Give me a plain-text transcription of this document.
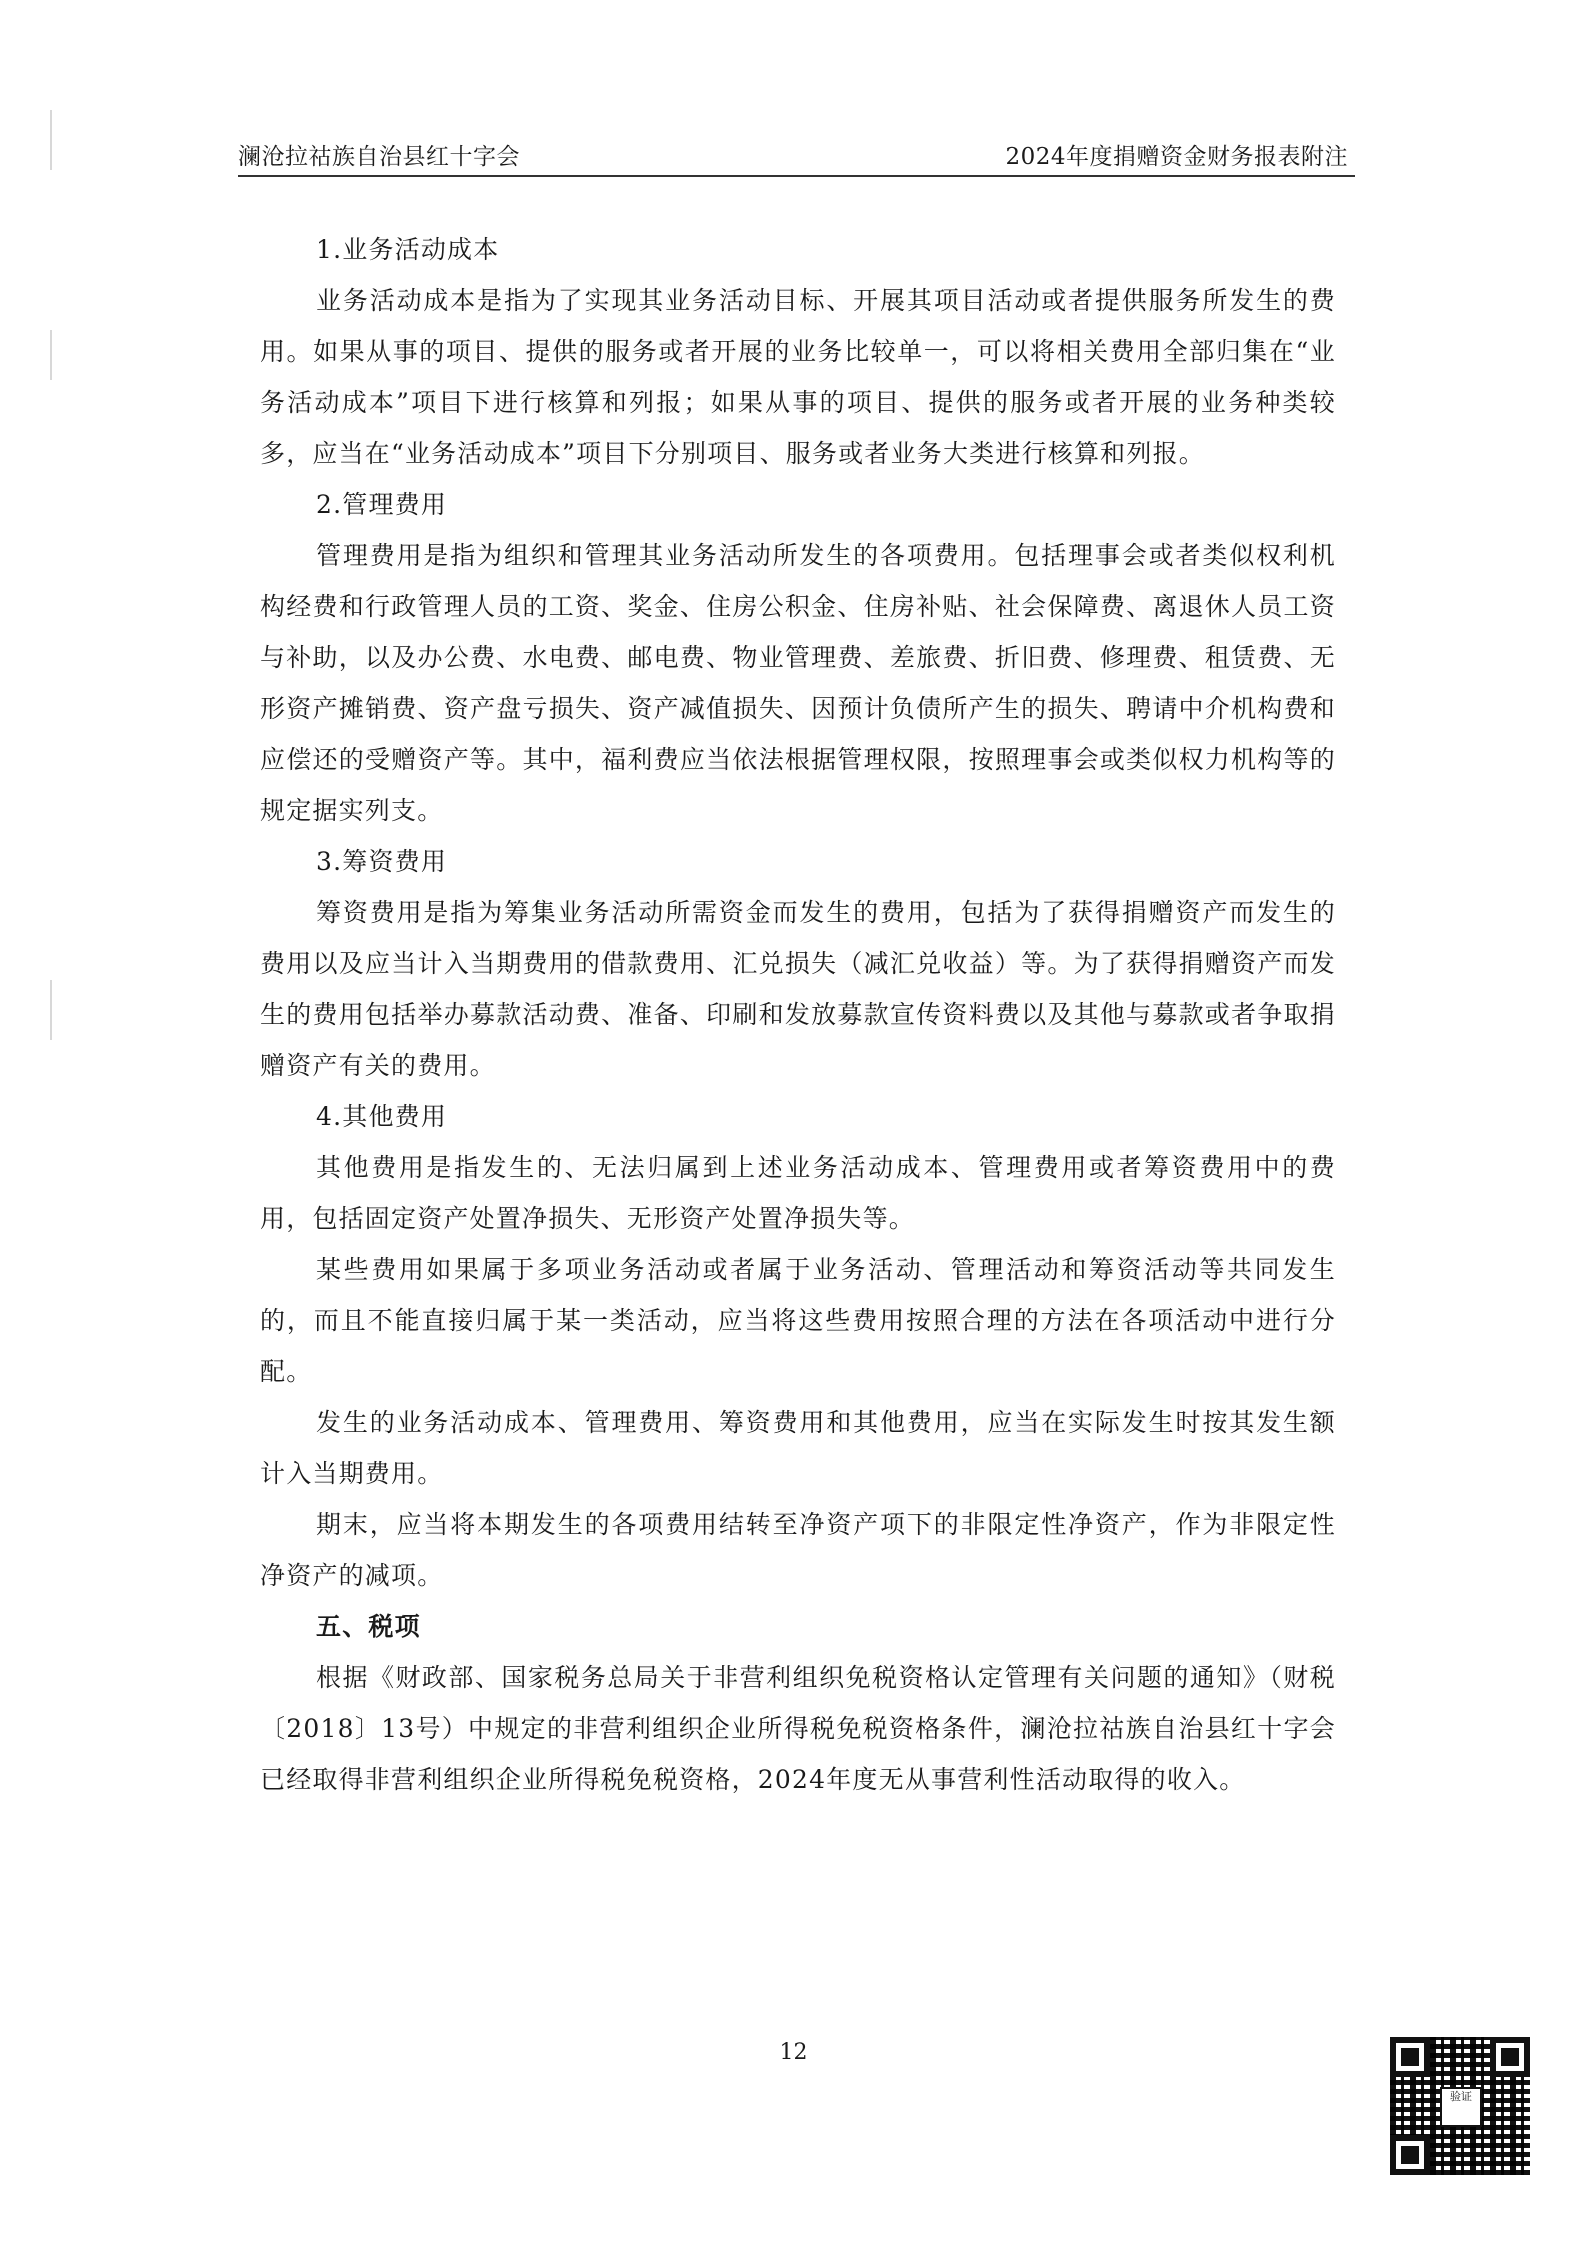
澜沧拉祜族自治县红十字会	2024年度捐赠资金财务报表附注

1.业务活动成本

业务活动成本是指为了实现其业务活动目标、开展其项目活动或者提供服务所发生的费用。如果从事的项目、提供的服务或者开展的业务比较单一，可以将相关费用全部归集在“业务活动成本”项目下进行核算和列报；如果从事的项目、提供的服务或者开展的业务种类较多，应当在“业务活动成本”项目下分别项目、服务或者业务大类进行核算和列报。

2.管理费用

管理费用是指为组织和管理其业务活动所发生的各项费用。包括理事会或者类似权利机构经费和行政管理人员的工资、奖金、住房公积金、住房补贴、社会保障费、离退休人员工资与补助，以及办公费、水电费、邮电费、物业管理费、差旅费、折旧费、修理费、租赁费、无形资产摊销费、资产盘亏损失、资产减值损失、因预计负债所产生的损失、聘请中介机构费和应偿还的受赠资产等。其中，福利费应当依法根据管理权限，按照理事会或类似权力机构等的规定据实列支。

3.筹资费用

筹资费用是指为筹集业务活动所需资金而发生的费用，包括为了获得捐赠资产而发生的费用以及应当计入当期费用的借款费用、汇兑损失（减汇兑收益）等。为了获得捐赠资产而发生的费用包括举办募款活动费、准备、印刷和发放募款宣传资料费以及其他与募款或者争取捐赠资产有关的费用。

4.其他费用

其他费用是指发生的、无法归属到上述业务活动成本、管理费用或者筹资费用中的费用，包括固定资产处置净损失、无形资产处置净损失等。

某些费用如果属于多项业务活动或者属于业务活动、管理活动和筹资活动等共同发生的，而且不能直接归属于某一类活动，应当将这些费用按照合理的方法在各项活动中进行分配。

发生的业务活动成本、管理费用、筹资费用和其他费用，应当在实际发生时按其发生额计入当期费用。

期末，应当将本期发生的各项费用结转至净资产项下的非限定性净资产，作为非限定性净资产的减项。

五、税项

根据《财政部、国家税务总局关于非营利组织免税资格认定管理有关问题的通知》（财税〔2018〕13号）中规定的非营利组织企业所得税免税资格条件，澜沧拉祜族自治县红十字会已经取得非营利组织企业所得税免税资格，2024年度无从事营利性活动取得的收入。

12
验证
